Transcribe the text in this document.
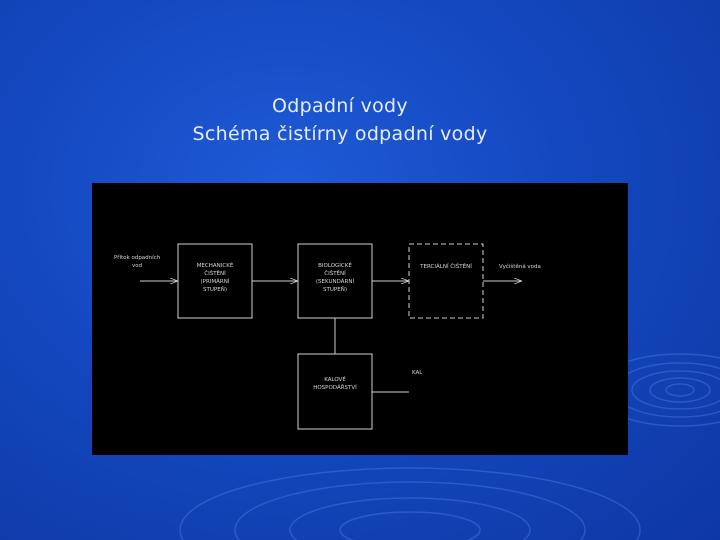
Odpadní vody
Schéma čistírny odpadní vody
Přítok odpadních
vod	MECHANICKÉ
ČIŠTĚNÍ
(PRIMÁRNÍ
STUPEŇ)
BIOLOGICKÉ
ČIŠTĚNÍ
(SEKUNDÁRNÍ
STUPEŇ)
TERCIÁLNÍ ČIŠTĚNÍ	Vyčištěná voda
KALOVÉ
HOSPODÁŘSTVÍ
KAL
